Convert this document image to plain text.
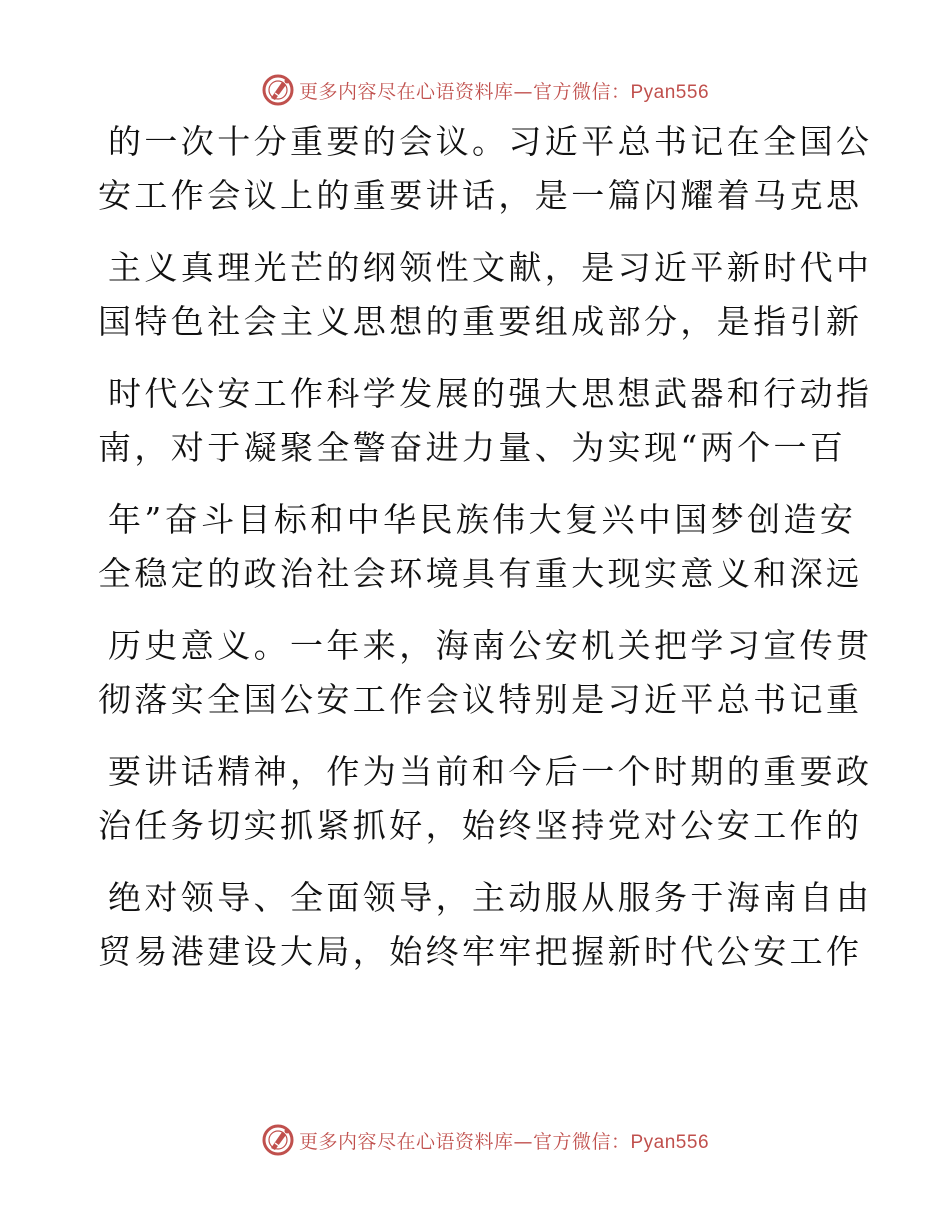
更多内容尽在心语资料库—官方微信：Pyan556
的一次十分重要的会议。习近平总书记在全国公
安工作会议上的重要讲话，是一篇闪耀着马克思
主义真理光芒的纲领性文献，是习近平新时代中
国特色社会主义思想的重要组成部分，是指引新
时代公安工作科学发展的强大思想武器和行动指
南，对于凝聚全警奋进力量、为实现“两个一百
年”奋斗目标和中华民族伟大复兴中国梦创造安
全稳定的政治社会环境具有重大现实意义和深远
历史意义。一年来，海南公安机关把学习宣传贯
彻落实全国公安工作会议特别是习近平总书记重
要讲话精神，作为当前和今后一个时期的重要政
治任务切实抓紧抓好，始终坚持党对公安工作的
绝对领导、全面领导，主动服从服务于海南自由
贸易港建设大局，始终牢牢把握新时代公安工作
更多内容尽在心语资料库—官方微信：Pyan556
